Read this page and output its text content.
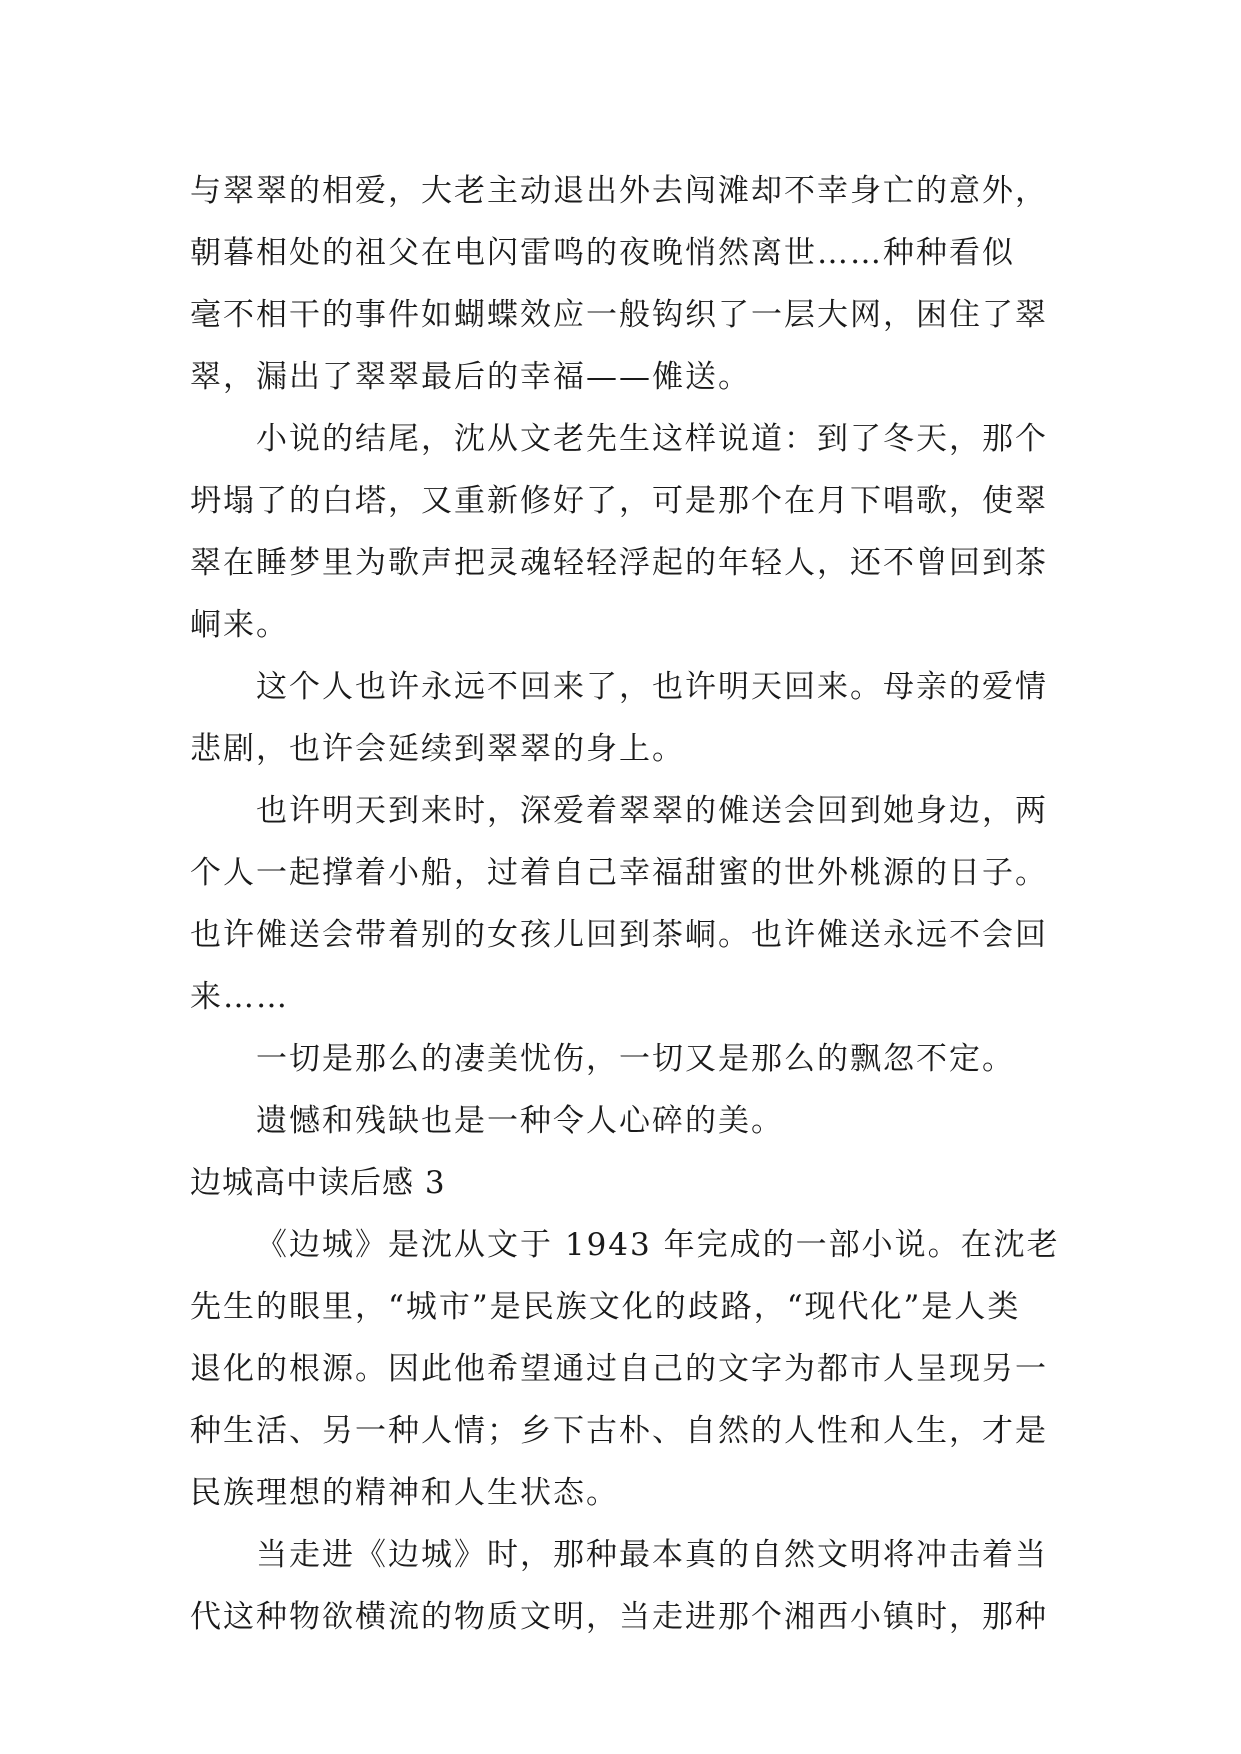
与翠翠的相爱，大老主动退出外去闯滩却不幸身亡的意外，
朝暮相处的祖父在电闪雷鸣的夜晚悄然离世……种种看似
毫不相干的事件如蝴蝶效应一般钩织了一层大网，困住了翠
翠，漏出了翠翠最后的幸福——傩送。
小说的结尾，沈从文老先生这样说道：到了冬天，那个
坍塌了的白塔，又重新修好了，可是那个在月下唱歌，使翠
翠在睡梦里为歌声把灵魂轻轻浮起的年轻人，还不曾回到茶
峒来。
这个人也许永远不回来了，也许明天回来。母亲的爱情
悲剧，也许会延续到翠翠的身上。
也许明天到来时，深爱着翠翠的傩送会回到她身边，两
个人一起撑着小船，过着自己幸福甜蜜的世外桃源的日子。
也许傩送会带着别的女孩儿回到茶峒。也许傩送永远不会回
来……
一切是那么的凄美忧伤，一切又是那么的飘忽不定。
遗憾和残缺也是一种令人心碎的美。
边城高中读后感 3
《边城》是沈从文于 1943 年完成的一部小说。在沈老
先生的眼里，“城市”是民族文化的歧路，“现代化”是人类
退化的根源。因此他希望通过自己的文字为都市人呈现另一
种生活、另一种人情；乡下古朴、自然的人性和人生，才是
民族理想的精神和人生状态。
当走进《边城》时，那种最本真的自然文明将冲击着当
代这种物欲横流的物质文明，当走进那个湘西小镇时，那种
